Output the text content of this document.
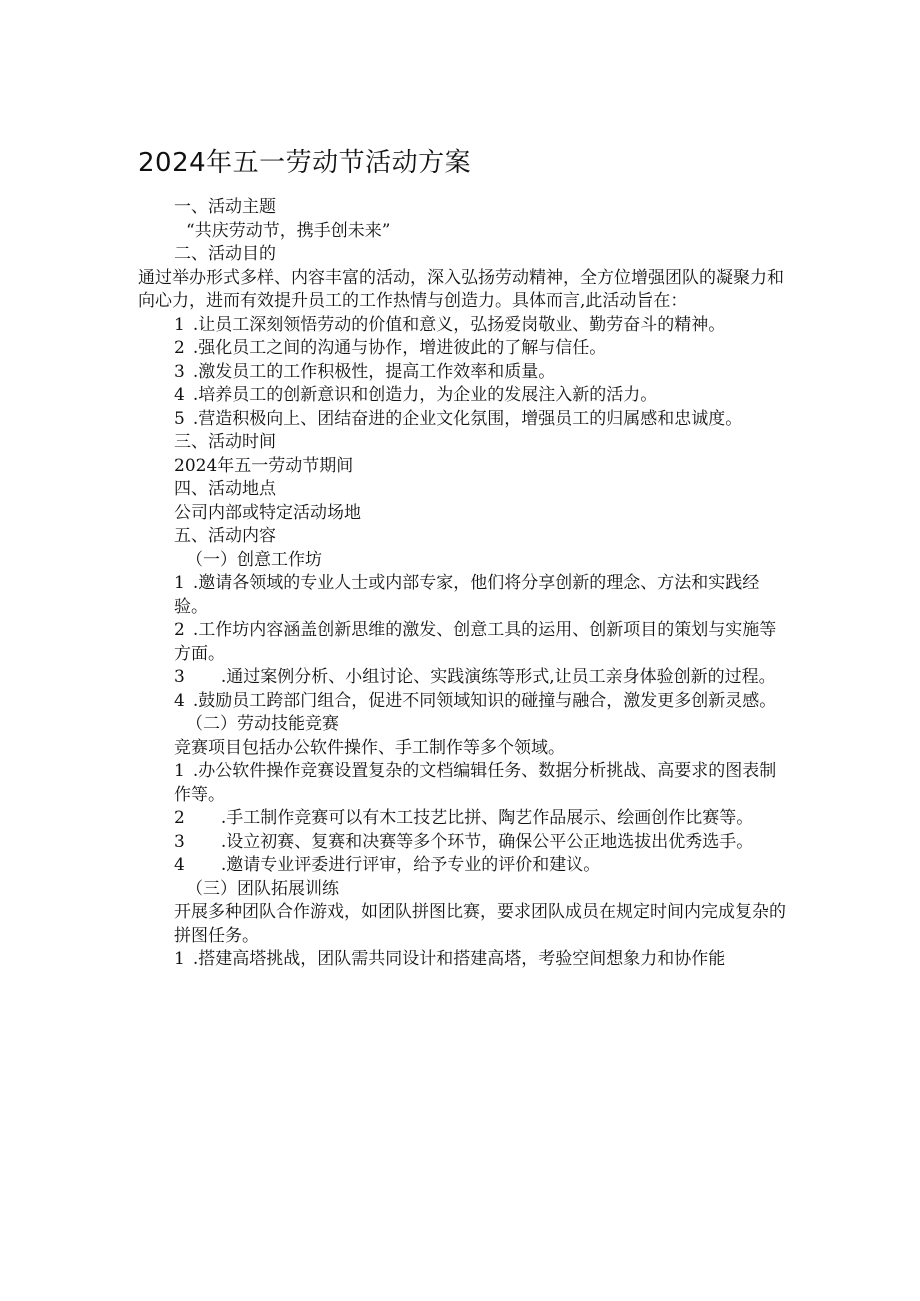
2024年五一劳动节活动方案

一、活动主题

“共庆劳动节，携手创未来”

二、活动目的

通过举办形式多样、内容丰富的活动，深入弘扬劳动精神，全方位增强团队的凝聚力和向心力，进而有效提升员工的工作热情与创造力。具体而言,此活动旨在：

1 .让员工深刻领悟劳动的价值和意义，弘扬爱岗敬业、勤劳奋斗的精神。

2 .强化员工之间的沟通与协作，增进彼此的了解与信任。

3 .激发员工的工作积极性，提高工作效率和质量。

4 .培养员工的创新意识和创造力，为企业的发展注入新的活力。

5 .营造积极向上、团结奋进的企业文化氛围，增强员工的归属感和忠诚度。

三、活动时间

2024年五一劳动节期间

四、活动地点

公司内部或特定活动场地

五、活动内容

（一）创意工作坊

1 .邀请各领域的专业人士或内部专家，他们将分享创新的理念、方法和实践经验。

2 .工作坊内容涵盖创新思维的激发、创意工具的运用、创新项目的策划与实施等方面。

3 .通过案例分析、小组讨论、实践演练等形式,让员工亲身体验创新的过程。

4 .鼓励员工跨部门组合，促进不同领域知识的碰撞与融合，激发更多创新灵感。

（二）劳动技能竞赛

竞赛项目包括办公软件操作、手工制作等多个领域。

1 .办公软件操作竞赛设置复杂的文档编辑任务、数据分析挑战、高要求的图表制作等。

2 .手工制作竞赛可以有木工技艺比拼、陶艺作品展示、绘画创作比赛等。

3 .设立初赛、复赛和决赛等多个环节，确保公平公正地选拔出优秀选手。

4 .邀请专业评委进行评审，给予专业的评价和建议。

（三）团队拓展训练

开展多种团队合作游戏，如团队拼图比赛，要求团队成员在规定时间内完成复杂的拼图任务。

1 .搭建高塔挑战，团队需共同设计和搭建高塔，考验空间想象力和协作能
